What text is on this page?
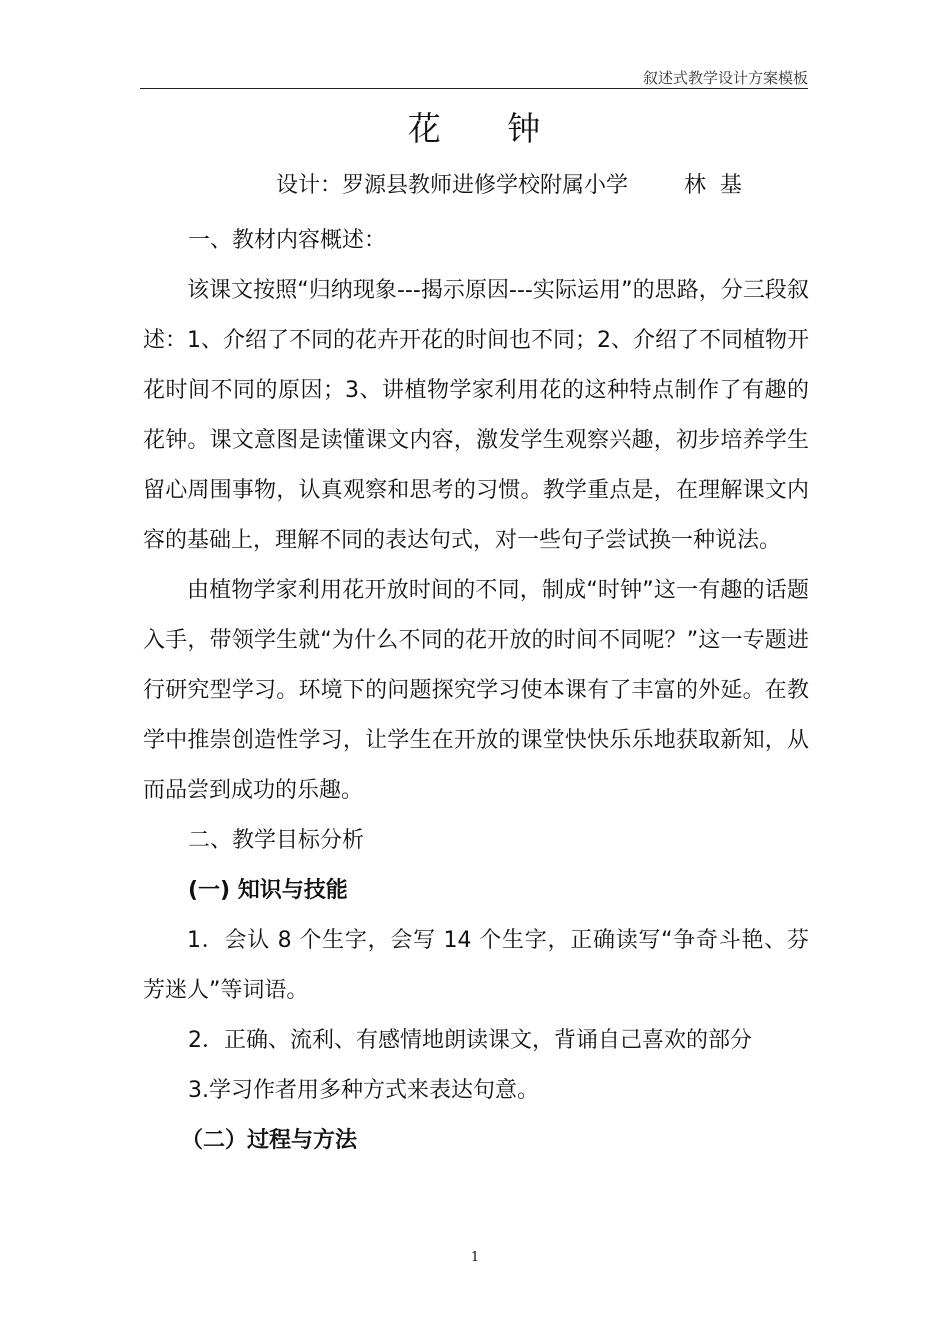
叙述式教学设计方案模板
花 钟
设计：罗源县教师进修学校附属小学        林  基
一、教材内容概述：

该课文按照“归纳现象---揭示原因---实际运用”的思路，分三段叙述：1、介绍了不同的花卉开花的时间也不同；2、介绍了不同植物开花时间不同的原因；3、讲植物学家利用花的这种特点制作了有趣的花钟。课文意图是读懂课文内容，激发学生观察兴趣，初步培养学生留心周围事物，认真观察和思考的习惯。教学重点是，在理解课文内容的基础上，理解不同的表达句式，对一些句子尝试换一种说法。

由植物学家利用花开放时间的不同，制成“时钟”这一有趣的话题入手，带领学生就“为什么不同的花开放的时间不同呢？”这一专题进行研究型学习。环境下的问题探究学习使本课有了丰富的外延。在教学中推崇创造性学习，让学生在开放的课堂快快乐乐地获取新知，从而品尝到成功的乐趣。

二、教学目标分析
(一) 知识与技能

1．会认 8 个生字，会写 14 个生字，正确读写“争奇斗艳、芬芳迷人”等词语。

2．正确、流利、有感情地朗读课文，背诵自己喜欢的部分
3.学习作者用多种方式来表达句意。
（二）过程与方法
1
